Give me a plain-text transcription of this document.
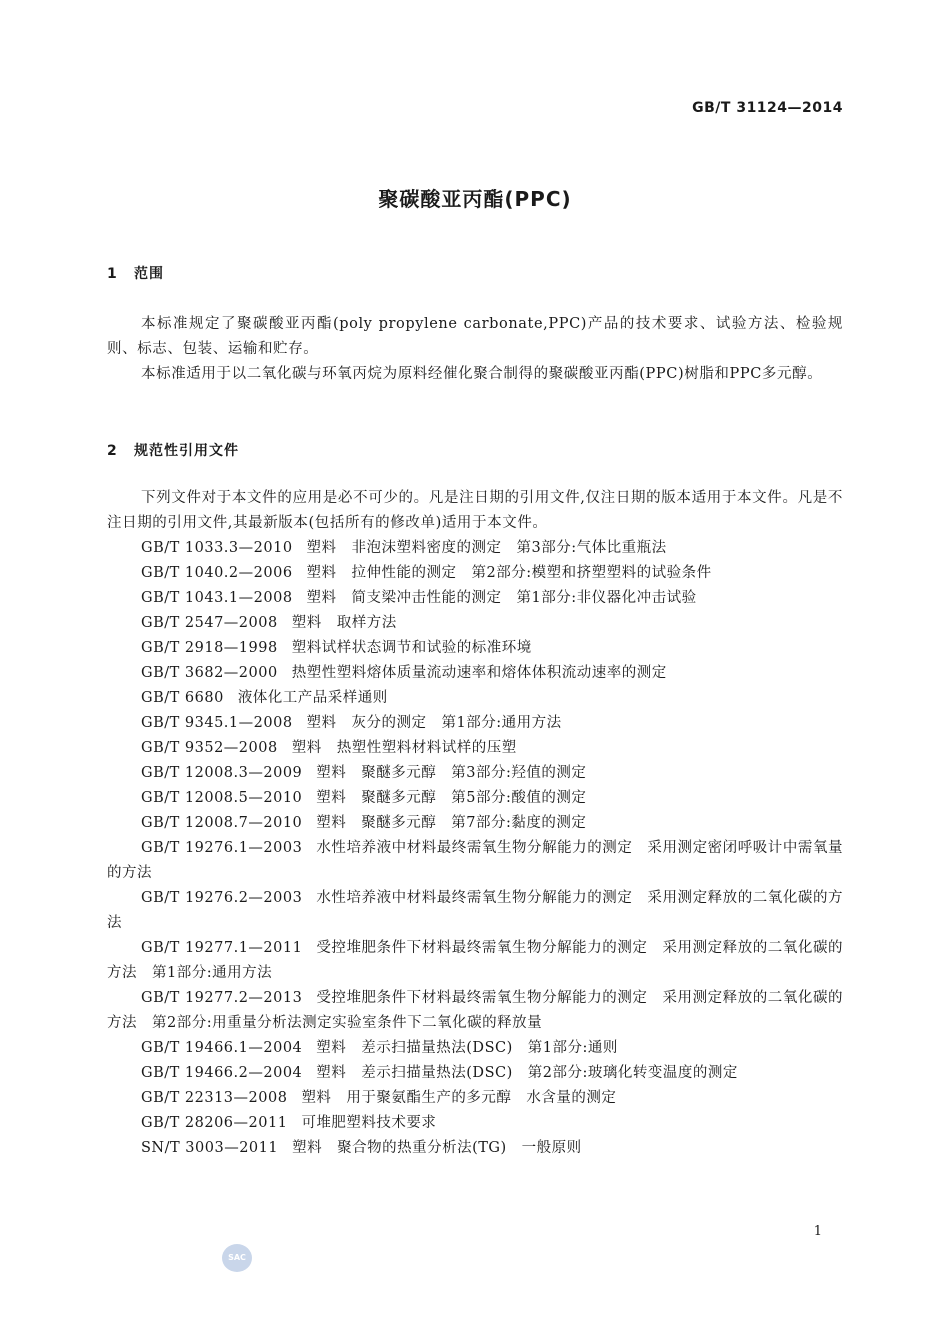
GB/T 31124—2014
聚碳酸亚丙酯(PPC)
1 范围

本标准规定了聚碳酸亚丙酯(poly propylene carbonate,PPC)产品的技术要求、试验方法、检验规则、标志、包装、运输和贮存。

本标准适用于以二氧化碳与环氧丙烷为原料经催化聚合制得的聚碳酸亚丙酯(PPC)树脂和PPC多元醇。

2 规范性引用文件

下列文件对于本文件的应用是必不可少的。凡是注日期的引用文件,仅注日期的版本适用于本文件。凡是不注日期的引用文件,其最新版本(包括所有的修改单)适用于本文件。

GB/T 1033.3—2010 塑料　非泡沫塑料密度的测定　第3部分:气体比重瓶法
GB/T 1040.2—2006 塑料　拉伸性能的测定　第2部分:模塑和挤塑塑料的试验条件
GB/T 1043.1—2008 塑料　简支梁冲击性能的测定　第1部分:非仪器化冲击试验
GB/T 2547—2008 塑料　取样方法
GB/T 2918—1998 塑料试样状态调节和试验的标准环境
GB/T 3682—2000 热塑性塑料熔体质量流动速率和熔体体积流动速率的测定
GB/T 6680 液体化工产品采样通则
GB/T 9345.1—2008 塑料　灰分的测定　第1部分:通用方法
GB/T 9352—2008 塑料　热塑性塑料材料试样的压塑
GB/T 12008.3—2009 塑料　聚醚多元醇　第3部分:羟值的测定
GB/T 12008.5—2010 塑料　聚醚多元醇　第5部分:酸值的测定
GB/T 12008.7—2010 塑料　聚醚多元醇　第7部分:黏度的测定
GB/T 19276.1—2003 水性培养液中材料最终需氧生物分解能力的测定　采用测定密闭呼吸计中需氧量的方法
GB/T 19276.2—2003 水性培养液中材料最终需氧生物分解能力的测定　采用测定释放的二氧化碳的方法
GB/T 19277.1—2011 受控堆肥条件下材料最终需氧生物分解能力的测定　采用测定释放的二氧化碳的方法　第1部分:通用方法
GB/T 19277.2—2013 受控堆肥条件下材料最终需氧生物分解能力的测定　采用测定释放的二氧化碳的方法　第2部分:用重量分析法测定实验室条件下二氧化碳的释放量
GB/T 19466.1—2004 塑料　差示扫描量热法(DSC)　第1部分:通则
GB/T 19466.2—2004 塑料　差示扫描量热法(DSC)　第2部分:玻璃化转变温度的测定
GB/T 22313—2008 塑料　用于聚氨酯生产的多元醇　水含量的测定
GB/T 28206—2011 可堆肥塑料技术要求
SN/T 3003—2011 塑料　聚合物的热重分析法(TG)　一般原则
1
SAC
